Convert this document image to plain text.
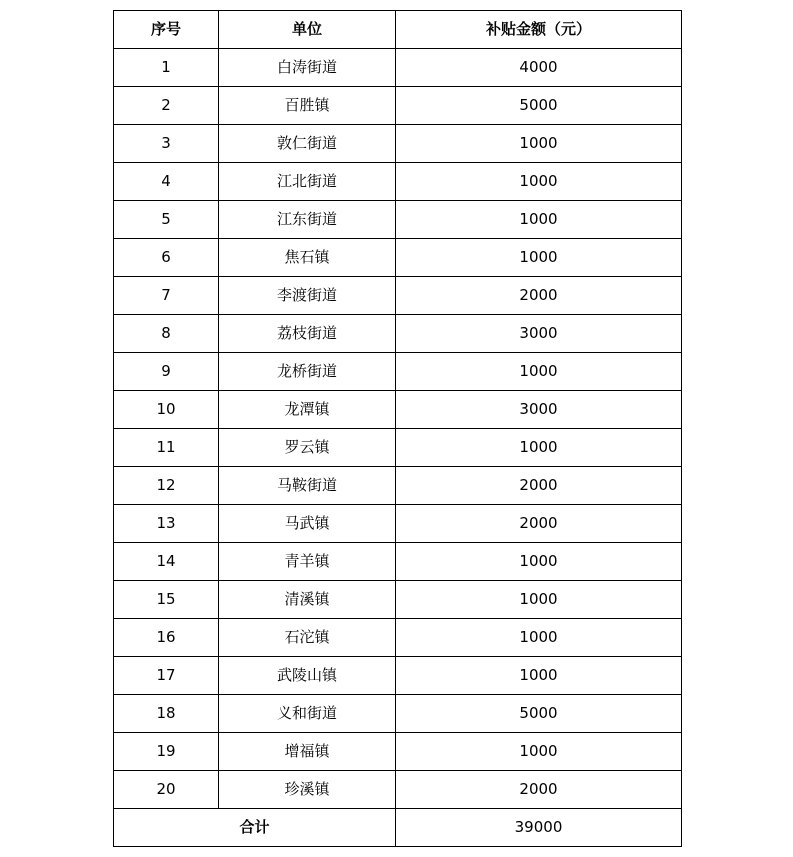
序号	单位	补贴金额（元）
1	白涛街道	4000
2	百胜镇	5000
3	敦仁街道	1000
4	江北街道	1000
5	江东街道	1000
6	焦石镇	1000
7	李渡街道	2000
8	荔枝街道	3000
9	龙桥街道	1000
10	龙潭镇	3000
11	罗云镇	1000
12	马鞍街道	2000
13	马武镇	2000
14	青羊镇	1000
15	清溪镇	1000
16	石沱镇	1000
17	武陵山镇	1000
18	义和街道	5000
19	增福镇	1000
20	珍溪镇	2000
合计		39000
